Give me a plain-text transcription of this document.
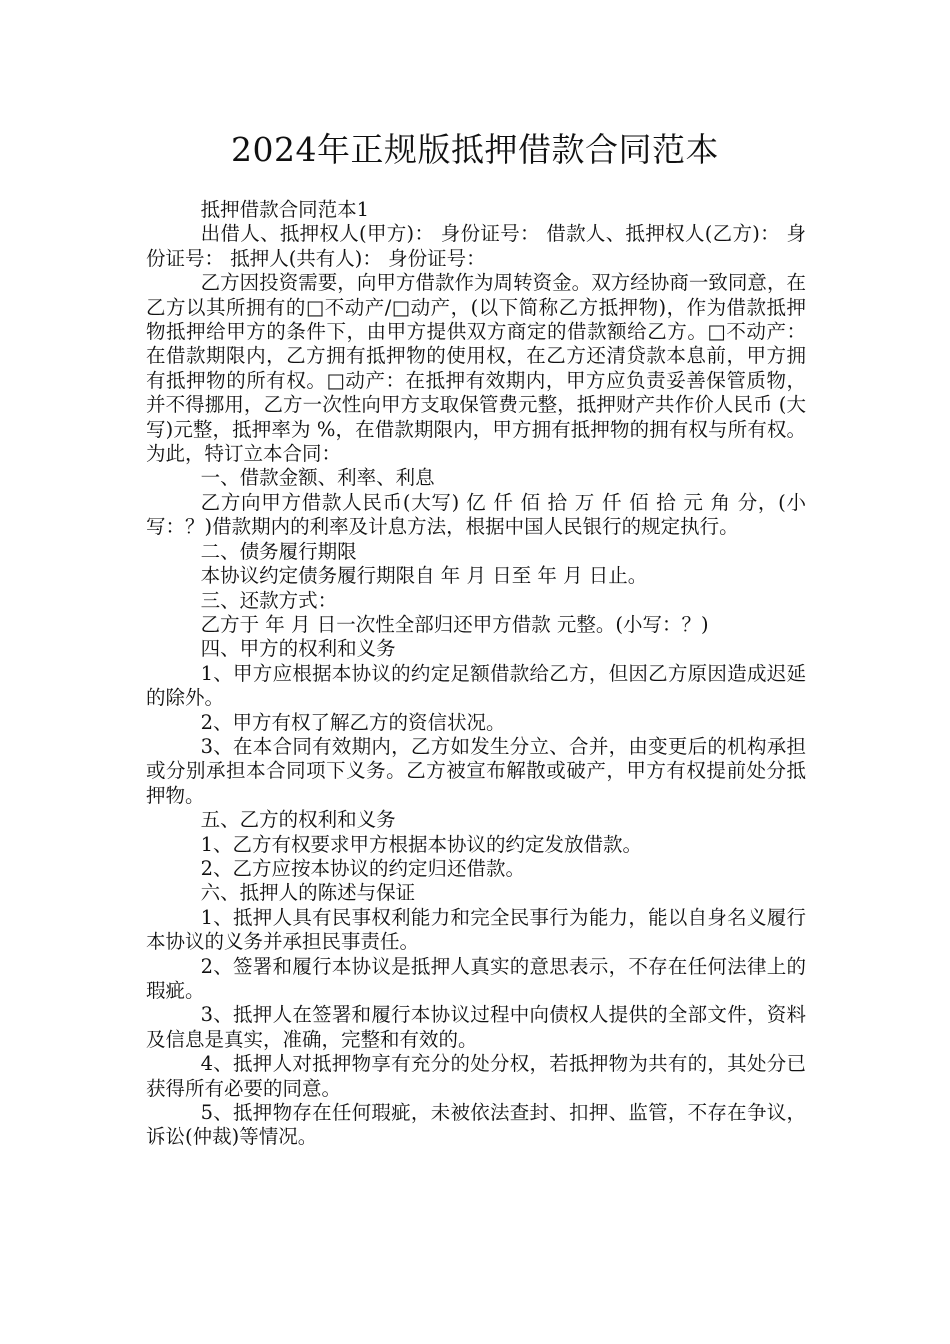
2024年正规版抵押借款合同范本

抵押借款合同范本1

出借人、抵押权人(甲方)： 身份证号： 借款人、抵押权人(乙方)： 身份证号： 抵押人(共有人)： 身份证号：

乙方因投资需要，向甲方借款作为周转资金。双方经协商一致同意，在乙方以其所拥有的□不动产/□动产，(以下简称乙方抵押物)，作为借款抵押物抵押给甲方的条件下，由甲方提供双方商定的借款额给乙方。□不动产：在借款期限内，乙方拥有抵押物的使用权，在乙方还清贷款本息前，甲方拥有抵押物的所有权。□动产：在抵押有效期内，甲方应负责妥善保管质物，并不得挪用，乙方一次性向甲方支取保管费元整，抵押财产共作价人民币 (大写)元整，抵押率为 %，在借款期限内，甲方拥有抵押物的拥有权与所有权。为此，特订立本合同：

一、借款金额、利率、利息

乙方向甲方借款人民币(大写) 亿 仟 佰 拾 万 仟 佰 拾 元 角 分，(小写：？)借款期内的利率及计息方法，根据中国人民银行的规定执行。

二、债务履行期限

本协议约定债务履行期限自 年 月 日至 年 月 日止。

三、还款方式：

乙方于 年 月 日一次性全部归还甲方借款 元整。(小写：？)

四、甲方的权利和义务

1、甲方应根据本协议的约定足额借款给乙方，但因乙方原因造成迟延的除外。

2、甲方有权了解乙方的资信状况。

3、在本合同有效期内，乙方如发生分立、合并，由变更后的机构承担或分别承担本合同项下义务。乙方被宣布解散或破产，甲方有权提前处分抵押物。

五、乙方的权利和义务

1、乙方有权要求甲方根据本协议的约定发放借款。

2、乙方应按本协议的约定归还借款。

六、抵押人的陈述与保证

1、抵押人具有民事权利能力和完全民事行为能力，能以自身名义履行本协议的义务并承担民事责任。

2、签署和履行本协议是抵押人真实的意思表示，不存在任何法律上的瑕疵。

3、抵押人在签署和履行本协议过程中向债权人提供的全部文件，资料及信息是真实，准确，完整和有效的。

4、抵押人对抵押物享有充分的处分权，若抵押物为共有的，其处分已获得所有必要的同意。

5、抵押物存在任何瑕疵，未被依法查封、扣押、监管，不存在争议，诉讼(仲裁)等情况。
